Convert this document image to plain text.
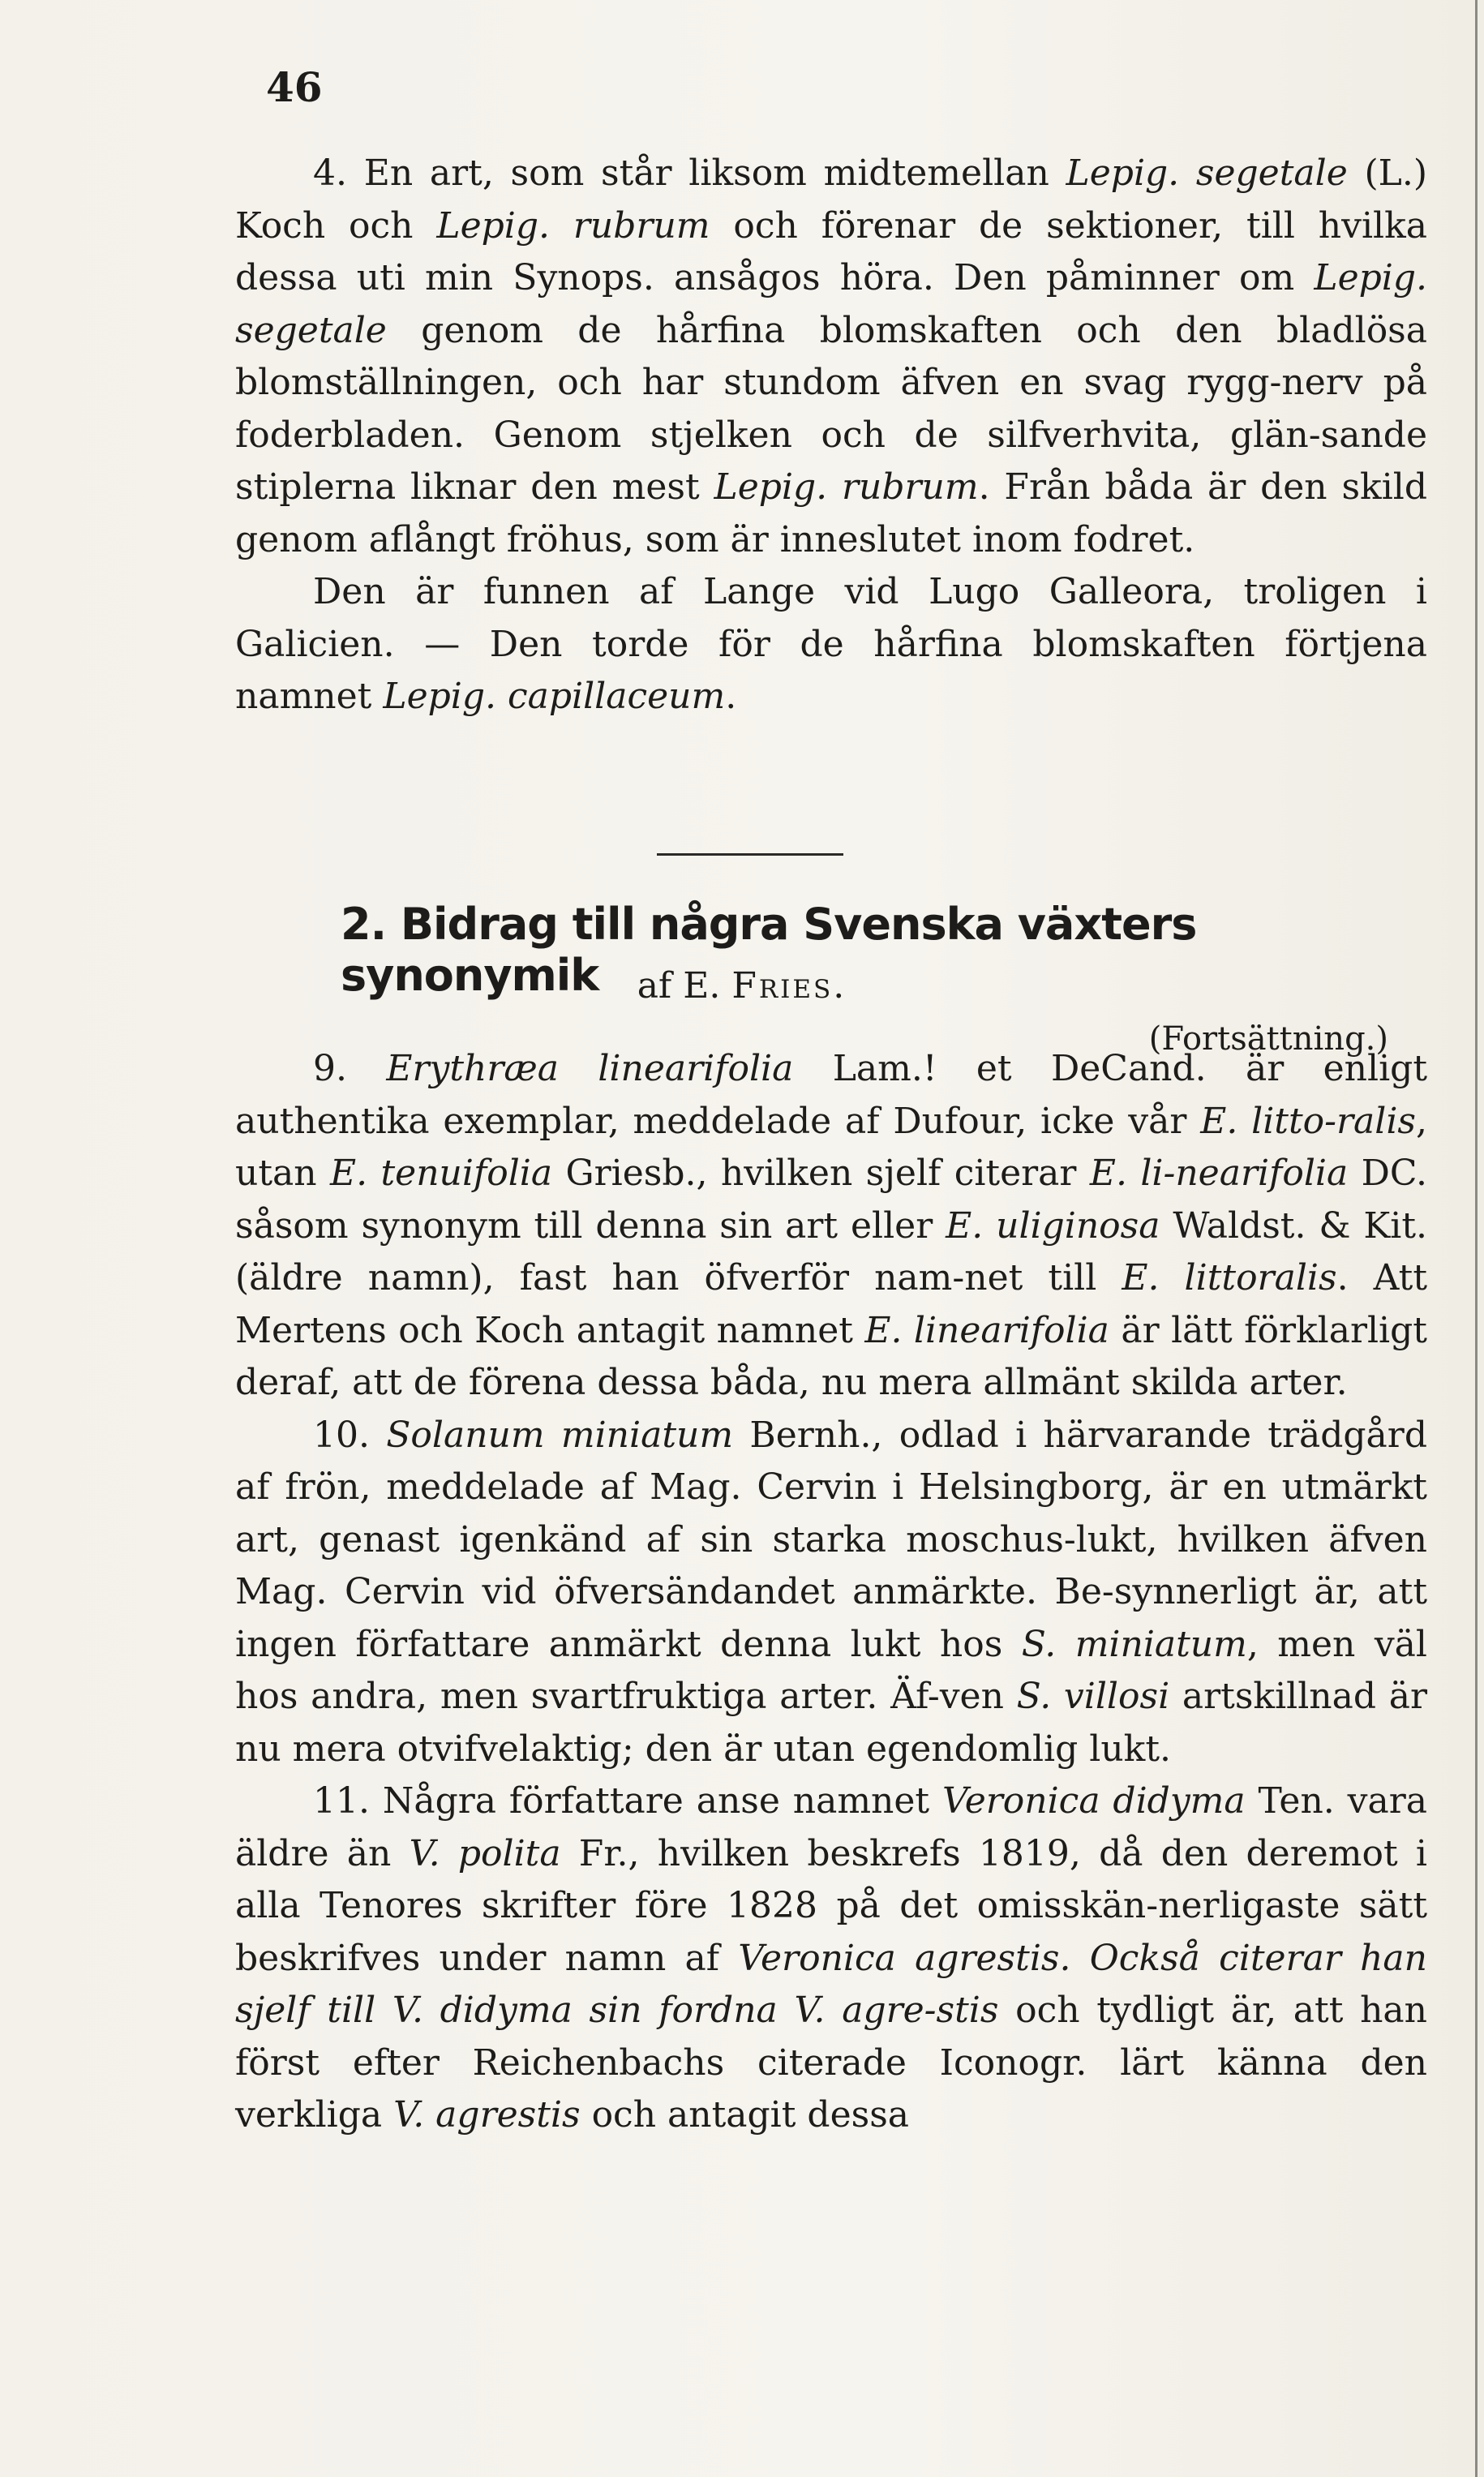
46

4. En art, som står liksom midtemellan Lepig. segetale (L.) Koch och Lepig. rubrum och förenar de sektioner, till hvilka dessa uti min Synops. ansågos höra. Den påminner om Lepig. segetale genom de hårfina blomskaften och den bladlösa blomställningen, och har stundom äfven en svag rygg-nerv på foderbladen. Genom stjelken och de silfverhvita, glän-sande stiplerna liknar den mest Lepig. rubrum. Från båda är den skild genom aflångt fröhus, som är inneslutet inom fodret.

Den är funnen af Lange vid Lugo Galleora, troligen i Galicien. — Den torde för de hårfina blomskaften förtjena namnet Lepig. capillaceum.

2. Bidrag till några Svenska växters synonymik	af E. Fries.
(Fortsättning.)

9. Erythræa linearifolia Lam.! et DeCand. är enligt authentika exemplar, meddelade af Dufour, icke vår E. litto-ralis, utan E. tenuifolia Griesb., hvilken sjelf citerar E. li-nearifolia DC. såsom synonym till denna sin art eller E. uliginosa Waldst. & Kit. (äldre namn), fast han öfverför nam-net till E. littoralis. Att Mertens och Koch antagit namnet E. linearifolia är lätt förklarligt deraf, att de förena dessa båda, nu mera allmänt skilda arter.

10. Solanum miniatum Bernh., odlad i härvarande trädgård af frön, meddelade af Mag. Cervin i Helsingborg, är en utmärkt art, genast igenkänd af sin starka moschus-lukt, hvilken äfven Mag. Cervin vid öfversändandet anmärkte. Be-synnerligt är, att ingen författare anmärkt denna lukt hos S. miniatum, men väl hos andra, men svartfruktiga arter. Äf-ven S. villosi artskillnad är nu mera otvifvelaktig; den är utan egendomlig lukt.

11. Några författare anse namnet Veronica didyma Ten. vara äldre än V. polita Fr., hvilken beskrefs 1819, då den deremot i alla Tenores skrifter före 1828 på det omisskän-nerligaste sätt beskrifves under namn af Veronica agrestis. Också citerar han sjelf till V. didyma sin fordna V. agre-stis och tydligt är, att han först efter Reichenbachs citerade Iconogr. lärt känna den verkliga V. agrestis och antagit dessa
